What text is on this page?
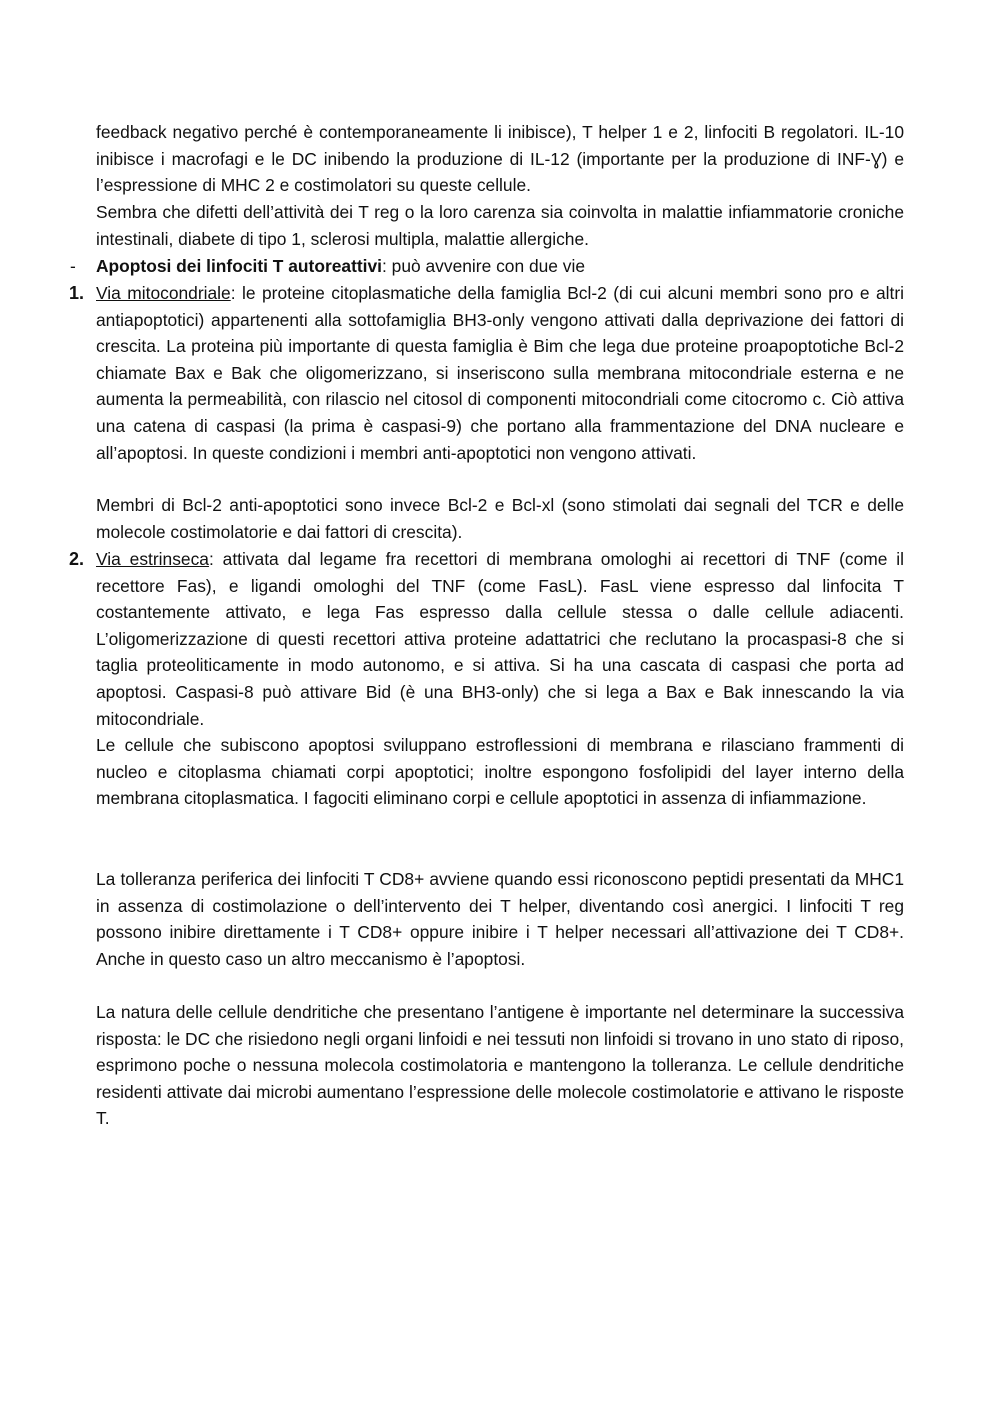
feedback negativo perché è contemporaneamente li inibisce), T helper 1 e 2, linfociti B regolatori. IL-10 inibisce i macrofagi e le DC inibendo la produzione di IL-12 (importante per la produzione di INF-Ɣ) e l’espressione di MHC 2 e costimolatori su queste cellule.

Sembra che difetti dell’attività dei T reg o la loro carenza sia coinvolta in malattie infiammatorie croniche intestinali, diabete di tipo 1, sclerosi multipla, malattie allergiche.

- Apoptosi dei linfociti T autoreattivi: può avvenire con due vie

1. Via mitocondriale: le proteine citoplasmatiche della famiglia Bcl-2 (di cui alcuni membri sono pro e altri antiapoptotici) appartenenti alla sottofamiglia BH3-only vengono attivati dalla deprivazione dei fattori di crescita. La proteina più importante di questa famiglia è Bim che lega due proteine proapoptotiche Bcl-2 chiamate Bax e Bak che oligomerizzano, si inseriscono sulla membrana mitocondriale esterna e ne aumenta la permeabilità, con rilascio nel citosol di componenti mitocondriali come citocromo c. Ciò attiva una catena di caspasi (la prima è caspasi-9) che portano alla frammentazione del DNA nucleare e all’apoptosi. In queste condizioni i membri anti-apoptotici non vengono attivati.

Membri di Bcl-2 anti-apoptotici sono invece Bcl-2 e Bcl-xl (sono stimolati dai segnali del TCR e delle molecole costimolatorie e dai fattori di crescita).

2. Via estrinseca: attivata dal legame fra recettori di membrana omologhi ai recettori di TNF (come il recettore Fas), e ligandi omologhi del TNF (come FasL). FasL viene espresso dal linfocita T costantemente attivato, e lega Fas espresso dalla cellule stessa o dalle cellule adiacenti. L’oligomerizzazione di questi recettori attiva proteine adattatrici che reclutano la procaspasi-8 che si taglia proteoliticamente in modo autonomo, e si attiva. Si ha una cascata di caspasi che porta ad apoptosi. Caspasi-8 può attivare Bid (è una BH3-only) che si lega a Bax e Bak innescando la via mitocondriale.

Le cellule che subiscono apoptosi sviluppano estroflessioni di membrana e rilasciano frammenti di nucleo e citoplasma chiamati corpi apoptotici; inoltre espongono fosfolipidi del layer interno della membrana citoplasmatica. I fagociti eliminano corpi e cellule apoptotici in assenza di infiammazione.

La tolleranza periferica dei linfociti T CD8+ avviene quando essi riconoscono peptidi presentati da MHC1 in assenza di costimolazione o dell’intervento dei T helper, diventando così anergici. I linfociti T reg possono inibire direttamente i T CD8+ oppure inibire i T helper necessari all’attivazione dei T CD8+. Anche in questo caso un altro meccanismo è l’apoptosi.

La natura delle cellule dendritiche che presentano l’antigene è importante nel determinare la successiva risposta: le DC che risiedono negli organi linfoidi e nei tessuti non linfoidi si trovano in uno stato di riposo, esprimono poche o nessuna molecola costimolatoria e mantengono la tolleranza. Le cellule dendritiche residenti attivate dai microbi aumentano l’espressione delle molecole costimolatorie e attivano le risposte T.
